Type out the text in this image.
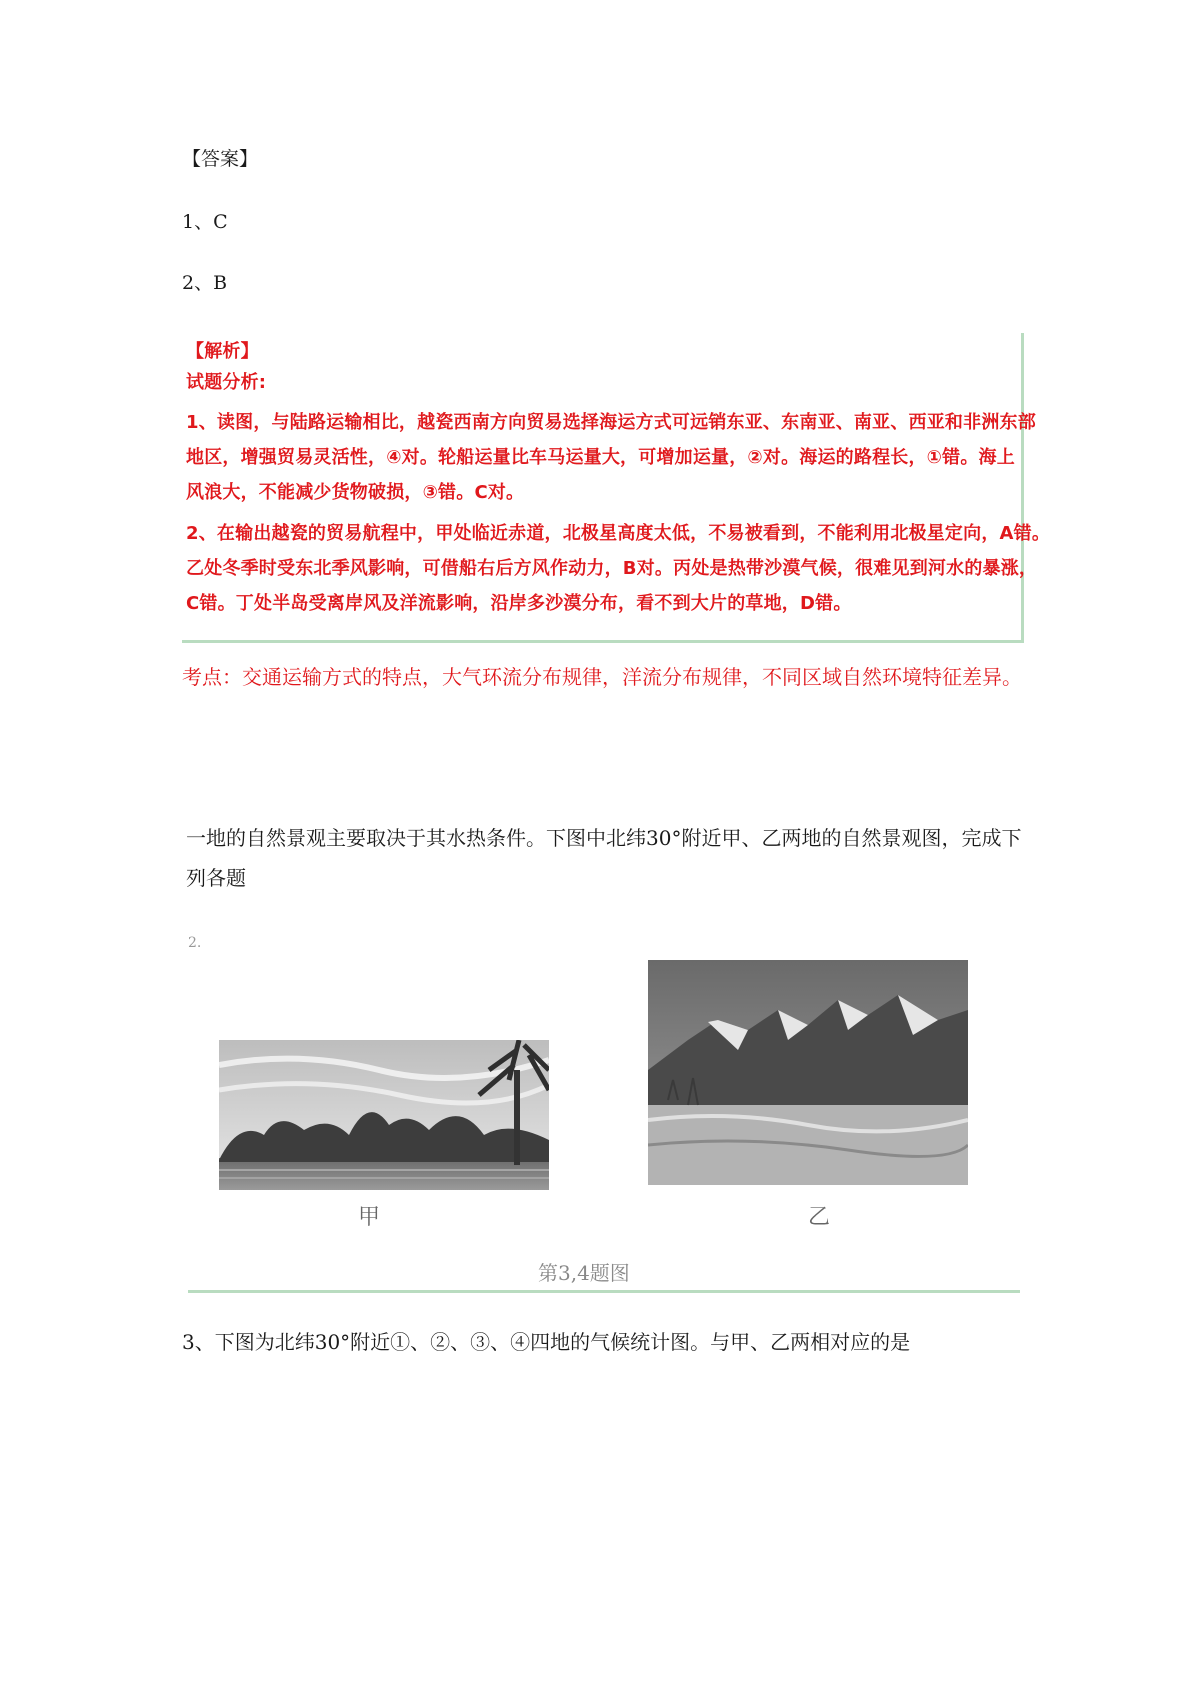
【答案】
1、C
2、B
【解析】
试题分析:
1、读图，与陆路运输相比，越瓷西南方向贸易选择海运方式可远销东亚、东南亚、南亚、西亚和非洲东部
地区，增强贸易灵活性，④对。轮船运量比车马运量大，可增加运量，②对。海运的路程长，①错。海上
风浪大，不能减少货物破损，③错。C对。
2、在输出越瓷的贸易航程中，甲处临近赤道，北极星高度太低，不易被看到，不能利用北极星定向，A错。
乙处冬季时受东北季风影响，可借船右后方风作动力，B对。丙处是热带沙漠气候，很难见到河水的暴涨，
C错。丁处半岛受离岸风及洋流影响，沿岸多沙漠分布，看不到大片的草地，D错。
考点：交通运输方式的特点，大气环流分布规律，洋流分布规律，不同区域自然环境特征差异。
一地的自然景观主要取决于其水热条件。下图中北纬30°附近甲、乙两地的自然景观图，完成下列各题
2.
甲	乙
第3,4题图
3、下图为北纬30°附近①、②、③、④四地的气候统计图。与甲、乙两相对应的是
